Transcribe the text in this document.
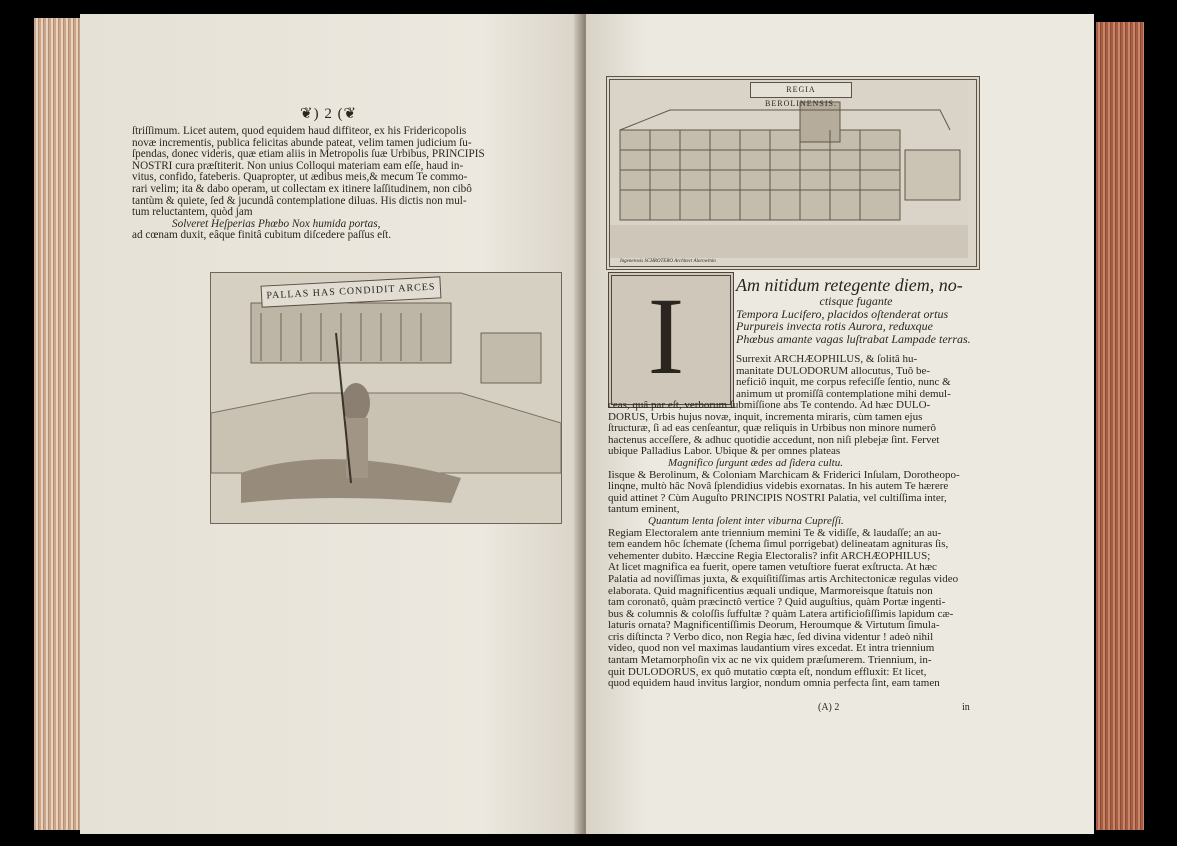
❦) 2 (❦

ſtriſſimum. Licet autem, quod equidem haud diffiteor, ex his Fridericopolis

novæ incrementis, publica felicitas abunde pateat, velim tamen judicium ſu-

ſpendas, donec videris, quæ etiam aliis in Metropolis ſuæ Urbibus, PRINCIPIS

NOSTRI cura præſtiterit. Non unius Colloqui materiam eam eſſe, haud in-

vitus, confido, fateberis. Quapropter, ut ædibus meis,& mecum Te commo-

rari velim; ita & dabo operam, ut collectam ex itinere laſſitudinem, non cibô

tantùm & quiete, ſed & jucundâ contemplatione diluas. His dictis non mul-

tum reluctantem, quòd jam

Solveret Heſperias Phœbo Nox humida portas,

ad cœnam duxit, eâque finitâ cubitum diſcedere paſſus eſt.

PALLAS HAS CONDIDIT ARCES
REGIA BEROLINENSIS.
Ingenerosis SCHROTERO Architect Alorowlnin
I	Am nitidum retegente diem, no-

ctisque fugante

Tempora Lucifero, placidos oſtenderat ortus

Purpureis invecta rotis Aurora, reduxque

Phœbus amante vagas luſtrabat Lampade terras.

Surrexit ARCHÆOPHILUS, & ſolitâ hu-

manitate DULODORUM allocutus, Tuô be-

neficiô inquit, me corpus refeciſſe ſentio, nunc &

animum ut promiſſâ contemplatione mihi demul-

ceas, quâ par eſt, verborum ſubmiſſione abs Te contendo. Ad hæc DULO-

DORUS, Urbis hujus novæ, inquit, incrementa miraris, cùm tamen ejus

ſtructuræ, ſi ad eas cenſeantur, quæ reliquis in Urbibus non minore numerô

hactenus acceſſere, & adhuc quotidie accedunt, non niſi plebejæ ſint. Fervet

ubique Palladius Labor. Ubique & per omnes plateas

Magnifico ſurgunt ædes ad ſidera cultu.

Iisque & Berolinum, & Coloniam Marchicam & Friderici Inſulam, Dorotheopo-

linqne, multò hâc Novâ ſplendidius videbis exornatas. In his autem Te hærere

quid attinet ? Cùm Auguſto PRINCIPIS NOSTRI Palatia, vel cultiſſima inter,

tantum eminent,

Quantum lenta ſolent inter viburna Cupreſſi.

Regiam Electoralem ante triennium memini Te & vidiſſe, & laudaſſe; an au-

tem eandem hôc ſchemate (ſchema ſimul porrigebat) delineatam agnituras ſis,

vehementer dubito. Hæccine Regia Electoralis? infit ARCHÆOPHILUS;

At licet magnifica ea fuerit, opere tamen vetuſtiore fuerat exſtructa. At hæc

Palatia ad noviſſimas juxta, & exquiſitiſſimas artis Architectonicæ regulas video

elaborata. Quid magnificentius æquali undique, Marmoreisque ſtatuis non

tam coronatô, quàm præcinctô vertice ? Quid auguſtius, quàm Portæ ingenti-

bus & columnis & coloſſis ſuffultæ ? quàm Latera artificioſiſſimis lapidum cæ-

laturis ornata? Magnificentiſſimis Deorum, Heroumque & Virtutum ſimula-

cris diſtincta ? Verbo dico, non Regia hæc, ſed divina videntur ! adeò nihil

video, quod non vel maximas laudantium vires excedat. Et intra triennium

tantam Metamorphoſin vix ac ne vix quidem præſumerem. Triennium, in-

quit DULODORUS, ex quô mutatio cœpta eſt, nondum effluxit: Et licet,

quod equidem haud invitus largior, nondum omnia perfecta ſint, eam tamen

(A) 2	in
